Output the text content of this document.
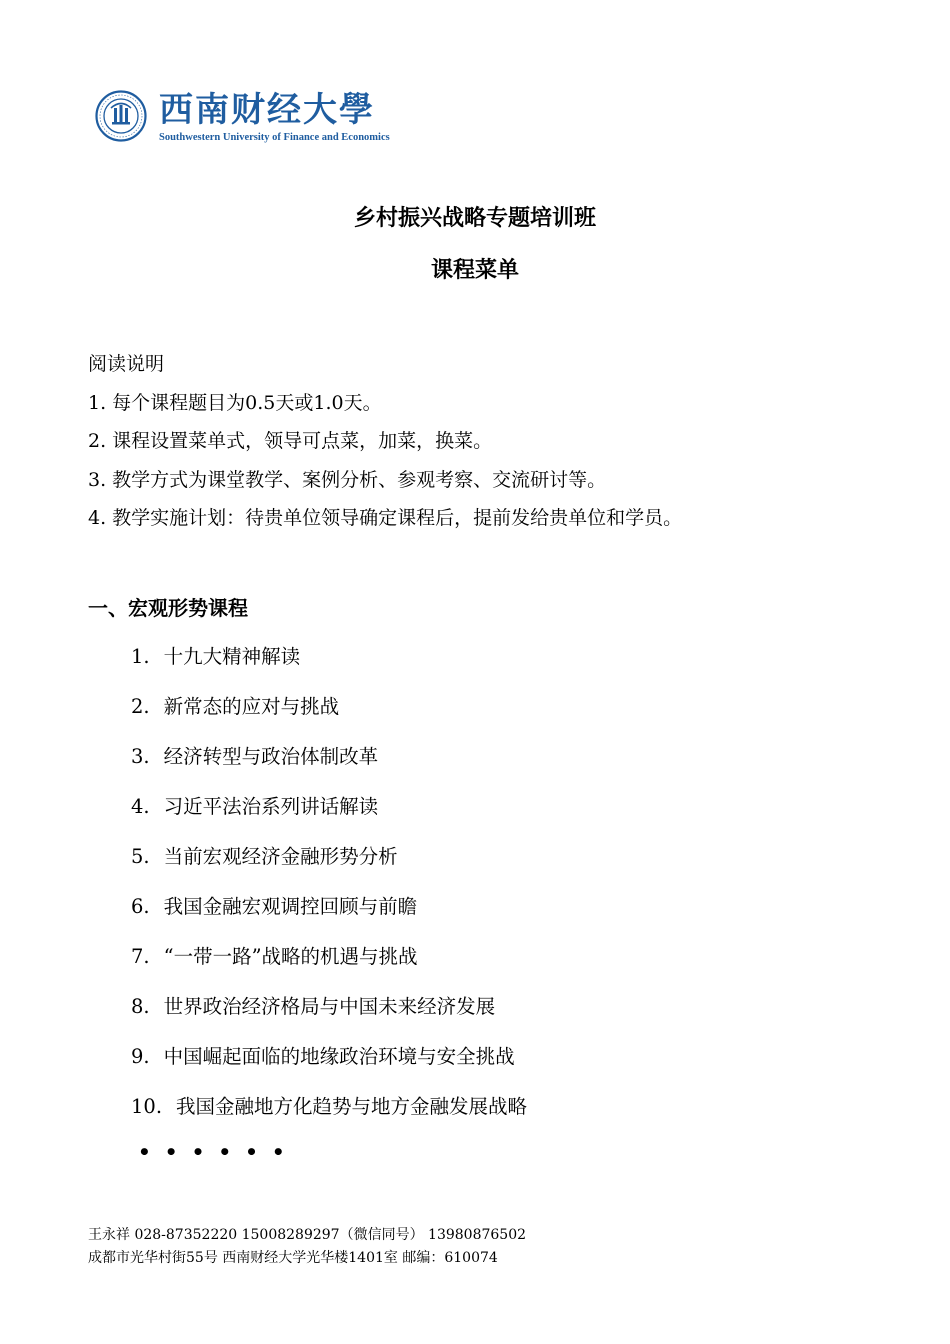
西南财经大學
Southwestern University of Finance and Economics
乡村振兴战略专题培训班
课程菜单
阅读说明
1. 每个课程题目为0.5天或1.0天。
2. 课程设置菜单式，领导可点菜，加菜，换菜。
3. 教学方式为课堂教学、案例分析、参观考察、交流研讨等。
4. 教学实施计划：待贵单位领导确定课程后，提前发给贵单位和学员。
一、宏观形势课程
1. 十九大精神解读
2. 新常态的应对与挑战
3. 经济转型与政治体制改革
4. 习近平法治系列讲话解读
5. 当前宏观经济金融形势分析
6. 我国金融宏观调控回顾与前瞻
7. “一带一路”战略的机遇与挑战
8. 世界政治经济格局与中国未来经济发展
9. 中国崛起面临的地缘政治环境与安全挑战
10. 我国金融地方化趋势与地方金融发展战略
••••••
王永祥 028-87352220 15008289297（微信同号） 13980876502
成都市光华村街55号 西南财经大学光华楼1401室 邮编：610074
